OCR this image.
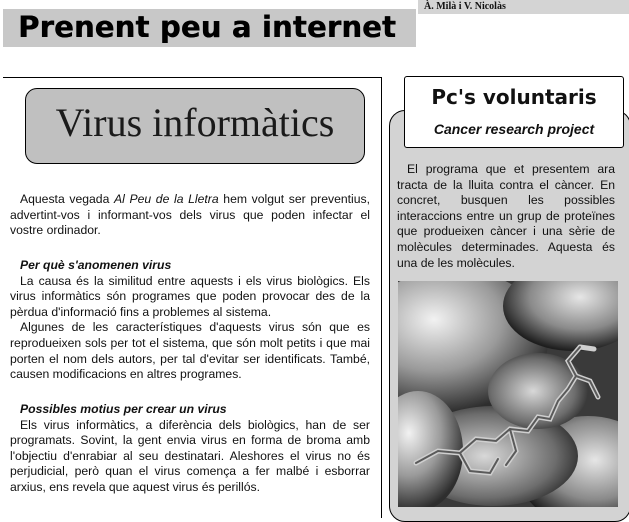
À. Milà i V. Nicolàs
Prenent peu a internet
Virus informàtics

Aquesta vegada Al Peu de la Lletra hem volgut ser preventius, advertint-vos i informant-vos dels virus que poden infectar el vostre ordinador.

Per què s'anomenen virus

La causa és la similitud entre aquests i els virus biològics. Els virus informàtics són programes que poden provocar des de la pèrdua d'informació fins a problemes al sistema.

Algunes de les característiques d'aquests virus són que es reprodueixen sols per tot el sistema, que són molt petits i que mai porten el nom dels autors, per tal d'evitar ser identificats. També, causen modificacions en altres programes.

Possibles motius per crear un virus

Els virus informàtics, a diferència dels biològics, han de ser programats. Sovint, la gent envia virus en forma de broma amb l'objectiu d'enrabiar al seu destinatari. Aleshores el virus no és perjudicial, però quan el virus comença a fer malbé i esborrar arxius, ens revela que aquest virus és perillós.

Pc's voluntaris
Cancer research project

El programa que et presentem ara tracta de la lluita contra el càncer. En concret, busquen les possibles interaccions entre un grup de proteïnes que produeixen càncer i una sèrie de molècules determinades. Aquesta és una de les molècules.
